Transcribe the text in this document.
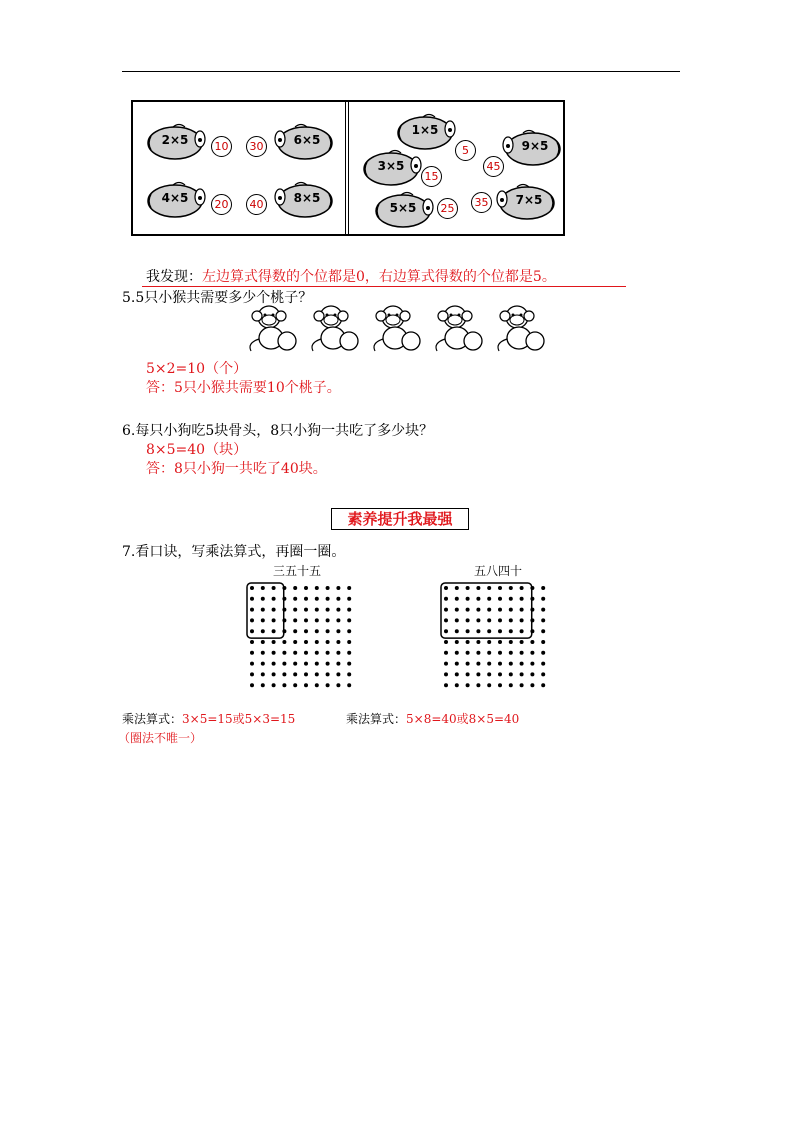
2×5	10	6×5
30
4×5	20	8×5
40
1×5
5	9×5
45
3×5
15
7×5
35
5×5	25
我发现：左边算式得数的个位都是0，右边算式得数的个位都是5。
5.5只小猴共需要多少个桃子？
5×2=10（个）
答：5只小猴共需要10个桃子。
6.每只小狗吃5块骨头，8只小狗一共吃了多少块？
8×5=40（块）
答：8只小狗一共吃了40块。
素养提升我最强
7.看口诀，写乘法算式，再圈一圈。
三五十五	五八四十
乘法算式：3×5=15或5×3=15	乘法算式：5×8=40或8×5=40
（圈法不唯一）
